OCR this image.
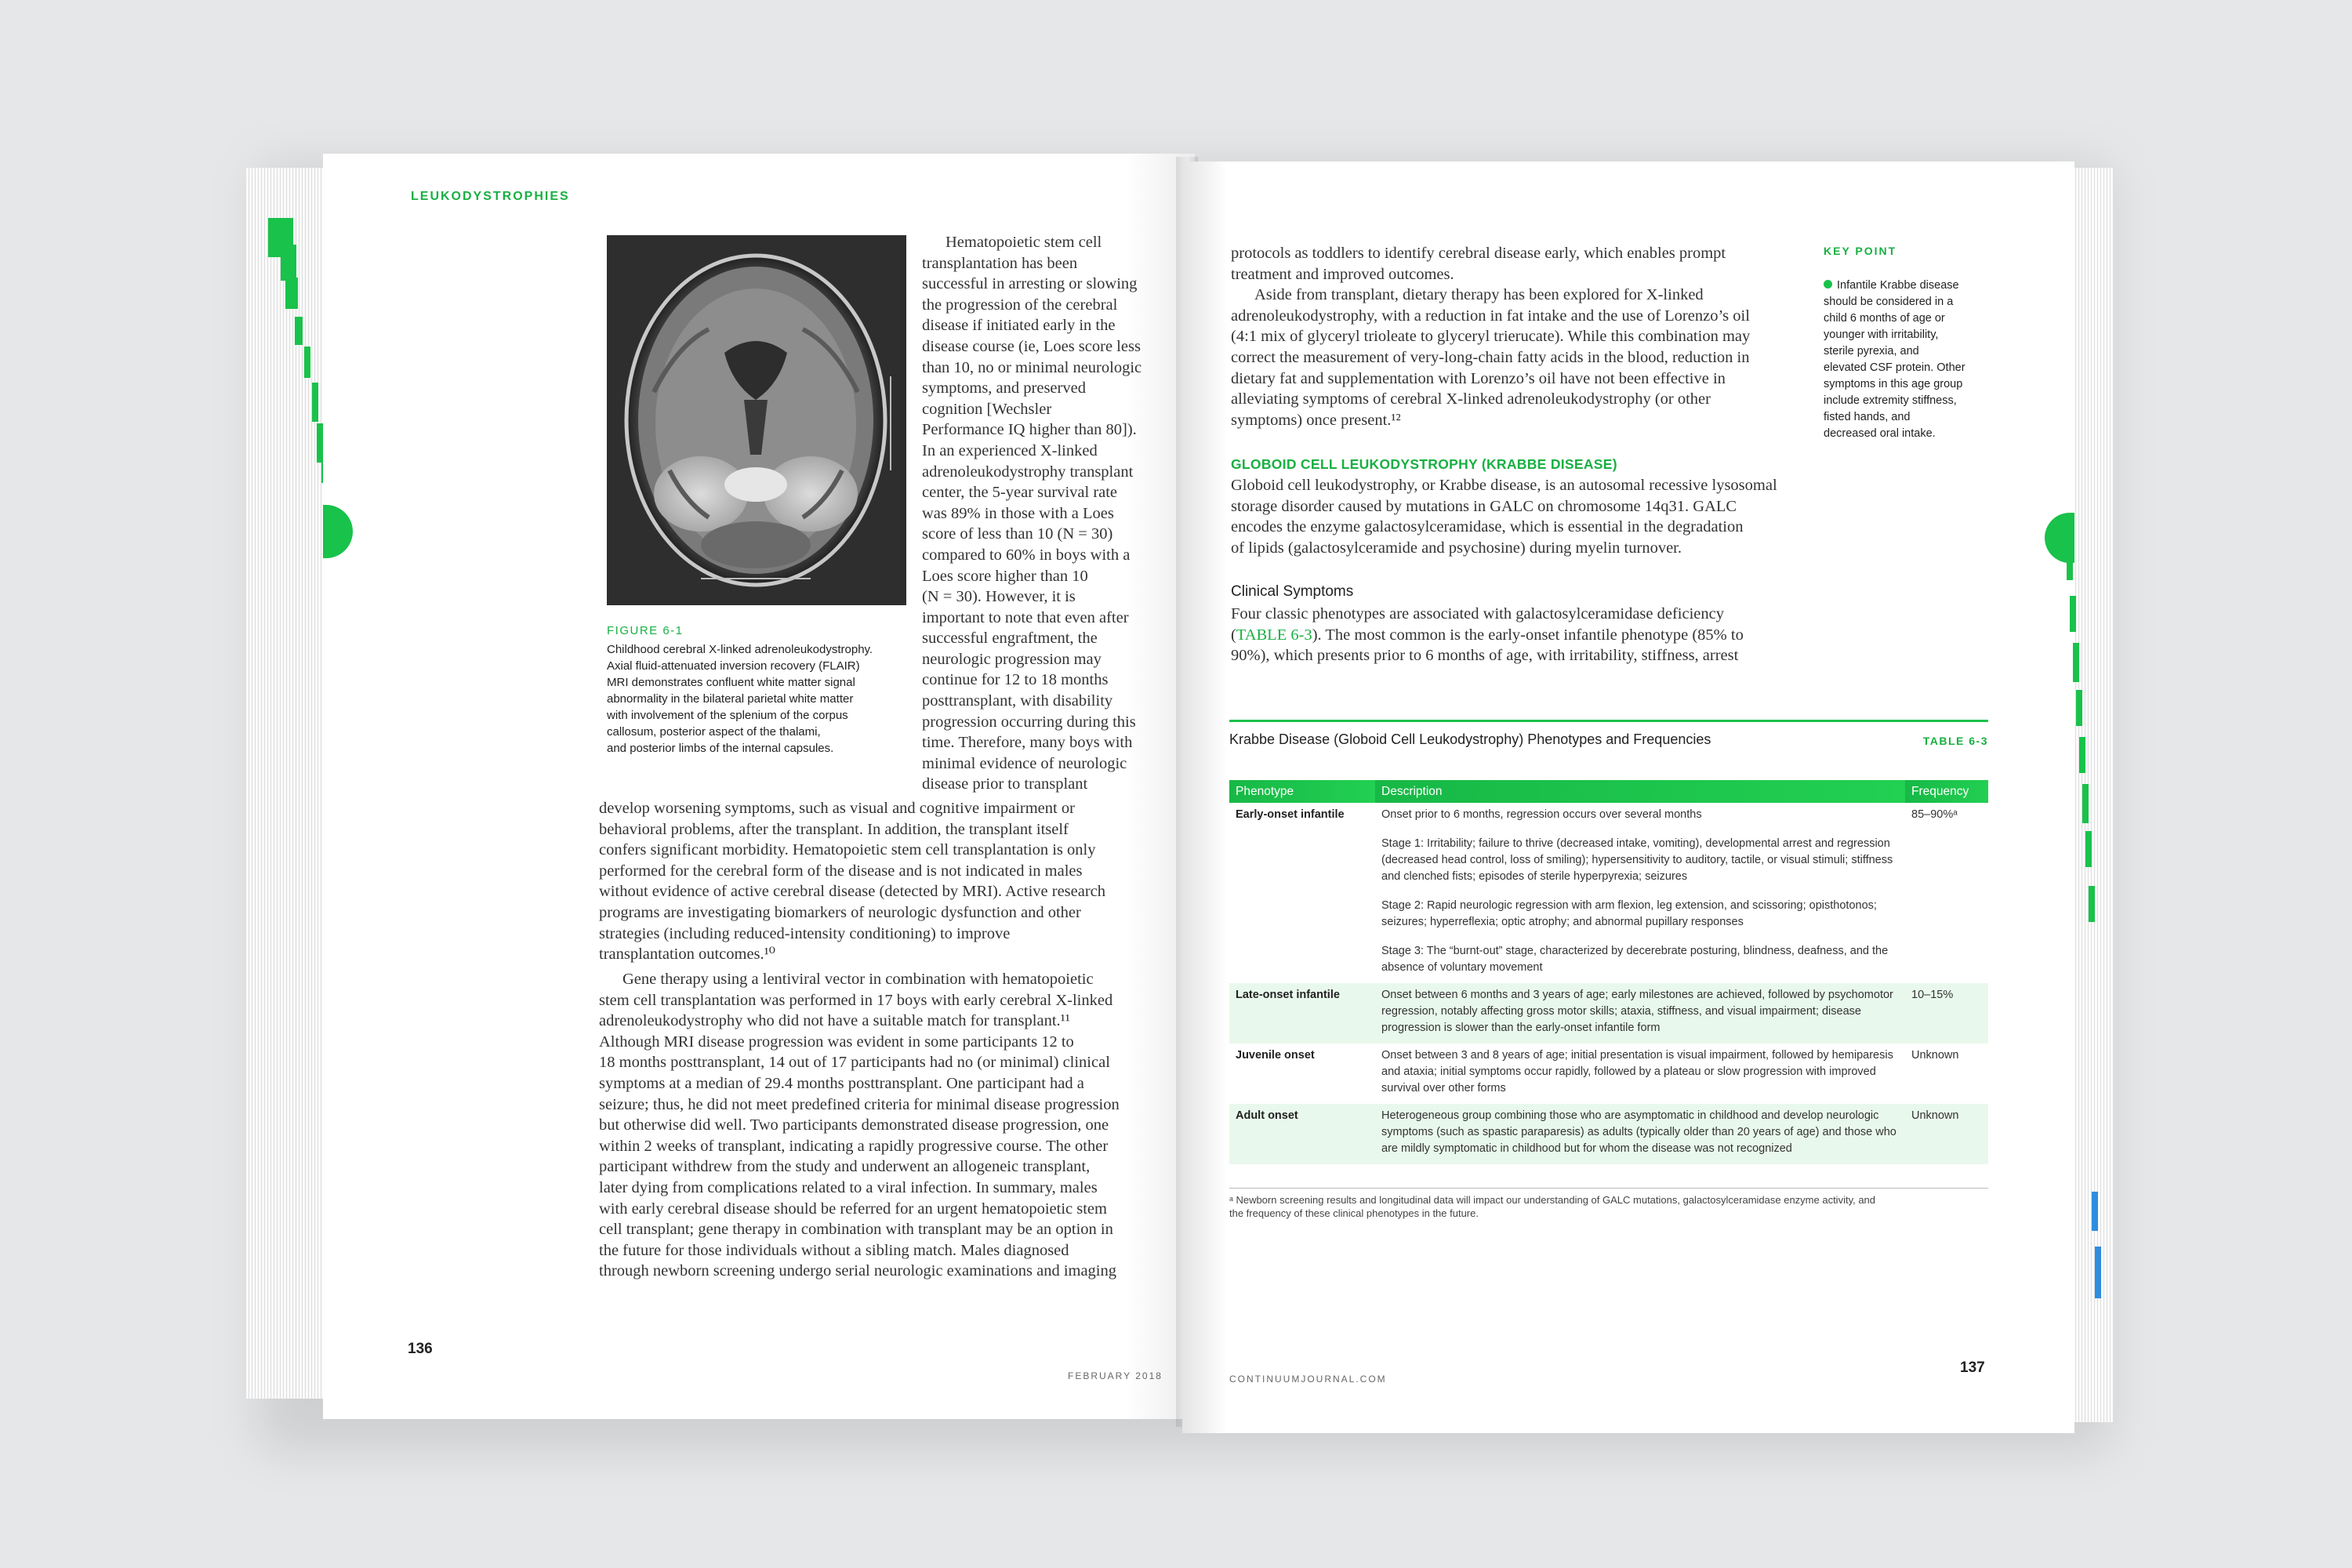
LEUKODYSTROPHIES
FIGURE 6-1
Childhood cerebral X-linked adrenoleukodystrophy.
Axial fluid-attenuated inversion recovery (FLAIR)
MRI demonstrates confluent white matter signal
abnormality in the bilateral parietal white matter
with involvement of the splenium of the corpus
callosum, posterior aspect of the thalami,
and posterior limbs of the internal capsules.
Hematopoietic stem cell
transplantation has been
successful in arresting or slowing
the progression of the cerebral
disease if initiated early in the
disease course (ie, Loes score less
than 10, no or minimal neurologic
symptoms, and preserved
cognition [Wechsler
Performance IQ higher than 80]).
In an experienced X-linked
adrenoleukodystrophy transplant
center, the 5-year survival rate
was 89% in those with a Loes
score of less than 10 (N = 30)
compared to 60% in boys with a
Loes score higher than 10
(N = 30). However, it is
important to note that even after
successful engraftment, the
neurologic progression may
continue for 12 to 18 months
posttransplant, with disability
progression occurring during this
time. Therefore, many boys with
minimal evidence of neurologic
disease prior to transplant
develop worsening symptoms, such as visual and cognitive impairment or
behavioral problems, after the transplant. In addition, the transplant itself
confers significant morbidity. Hematopoietic stem cell transplantation is only
performed for the cerebral form of the disease and is not indicated in males
without evidence of active cerebral disease (detected by MRI). Active research
programs are investigating biomarkers of neurologic dysfunction and other
strategies (including reduced-intensity conditioning) to improve
transplantation outcomes.¹⁰
Gene therapy using a lentiviral vector in combination with hematopoietic
stem cell transplantation was performed in 17 boys with early cerebral X-linked
adrenoleukodystrophy who did not have a suitable match for transplant.¹¹
Although MRI disease progression was evident in some participants 12 to
18 months posttransplant, 14 out of 17 participants had no (or minimal) clinical
symptoms at a median of 29.4 months posttransplant. One participant had a
seizure; thus, he did not meet predefined criteria for minimal disease progression
but otherwise did well. Two participants demonstrated disease progression, one
within 2 weeks of transplant, indicating a rapidly progressive course. The other
participant withdrew from the study and underwent an allogeneic transplant,
later dying from complications related to a viral infection. In summary, males
with early cerebral disease should be referred for an urgent hematopoietic stem
cell transplant; gene therapy in combination with transplant may be an option in
the future for those individuals without a sibling match. Males diagnosed
through newborn screening undergo serial neurologic examinations and imaging
136
FEBRUARY 2018
protocols as toddlers to identify cerebral disease early, which enables prompt
treatment and improved outcomes.
Aside from transplant, dietary therapy has been explored for X-linked
adrenoleukodystrophy, with a reduction in fat intake and the use of Lorenzo’s oil
(4:1 mix of glyceryl trioleate to glyceryl trierucate). While this combination may
correct the measurement of very-long-chain fatty acids in the blood, reduction in
dietary fat and supplementation with Lorenzo’s oil have not been effective in
alleviating symptoms of cerebral X-linked adrenoleukodystrophy (or other
symptoms) once present.¹²
GLOBOID CELL LEUKODYSTROPHY (KRABBE DISEASE)
Globoid cell leukodystrophy, or Krabbe disease, is an autosomal recessive lysosomal
storage disorder caused by mutations in GALC on chromosome 14q31. GALC
encodes the enzyme galactosylceramidase, which is essential in the degradation
of lipids (galactosylceramide and psychosine) during myelin turnover.
Clinical Symptoms
Four classic phenotypes are associated with galactosylceramidase deficiency
(TABLE 6-3). The most common is the early-onset infantile phenotype (85% to
90%), which presents prior to 6 months of age, with irritability, stiffness, arrest
KEY POINT
Infantile Krabbe disease
should be considered in a
child 6 months of age or
younger with irritability,
sterile pyrexia, and
elevated CSF protein. Other
symptoms in this age group
include extremity stiffness,
fisted hands, and
decreased oral intake.
Krabbe Disease (Globoid Cell Leukodystrophy) Phenotypes and Frequencies	TABLE 6-3
Phenotype	Description	Frequency
Early-onset infantile	Onset prior to 6 months, regression occurs over several months
Stage 1: Irritability; failure to thrive (decreased intake, vomiting), developmental arrest and regression (decreased head control, loss of smiling); hypersensitivity to auditory, tactile, or visual stimuli; stiffness and clenched fists; episodes of sterile hyperpyrexia; seizures
Stage 2: Rapid neurologic regression with arm flexion, leg extension, and scissoring; opisthotonos; seizures; hyperreflexia; optic atrophy; and abnormal pupillary responses
Stage 3: The “burnt-out” stage, characterized by decerebrate posturing, blindness, deafness, and the absence of voluntary movement	85–90%ᵃ
Late-onset infantile	Onset between 6 months and 3 years of age; early milestones are achieved, followed by psychomotor regression, notably affecting gross motor skills; ataxia, stiffness, and visual impairment; disease progression is slower than the early-onset infantile form	10–15%
Juvenile onset	Onset between 3 and 8 years of age; initial presentation is visual impairment, followed by hemiparesis and ataxia; initial symptoms occur rapidly, followed by a plateau or slow progression with improved survival over other forms	Unknown
Adult onset	Heterogeneous group combining those who are asymptomatic in childhood and develop neurologic symptoms (such as spastic paraparesis) as adults (typically older than 20 years of age) and those who are mildly symptomatic in childhood but for whom the disease was not recognized	Unknown
ᵃ Newborn screening results and longitudinal data will impact our understanding of GALC mutations, galactosylceramidase enzyme activity, and
the frequency of these clinical phenotypes in the future.
CONTINUUMJOURNAL.COM
137
